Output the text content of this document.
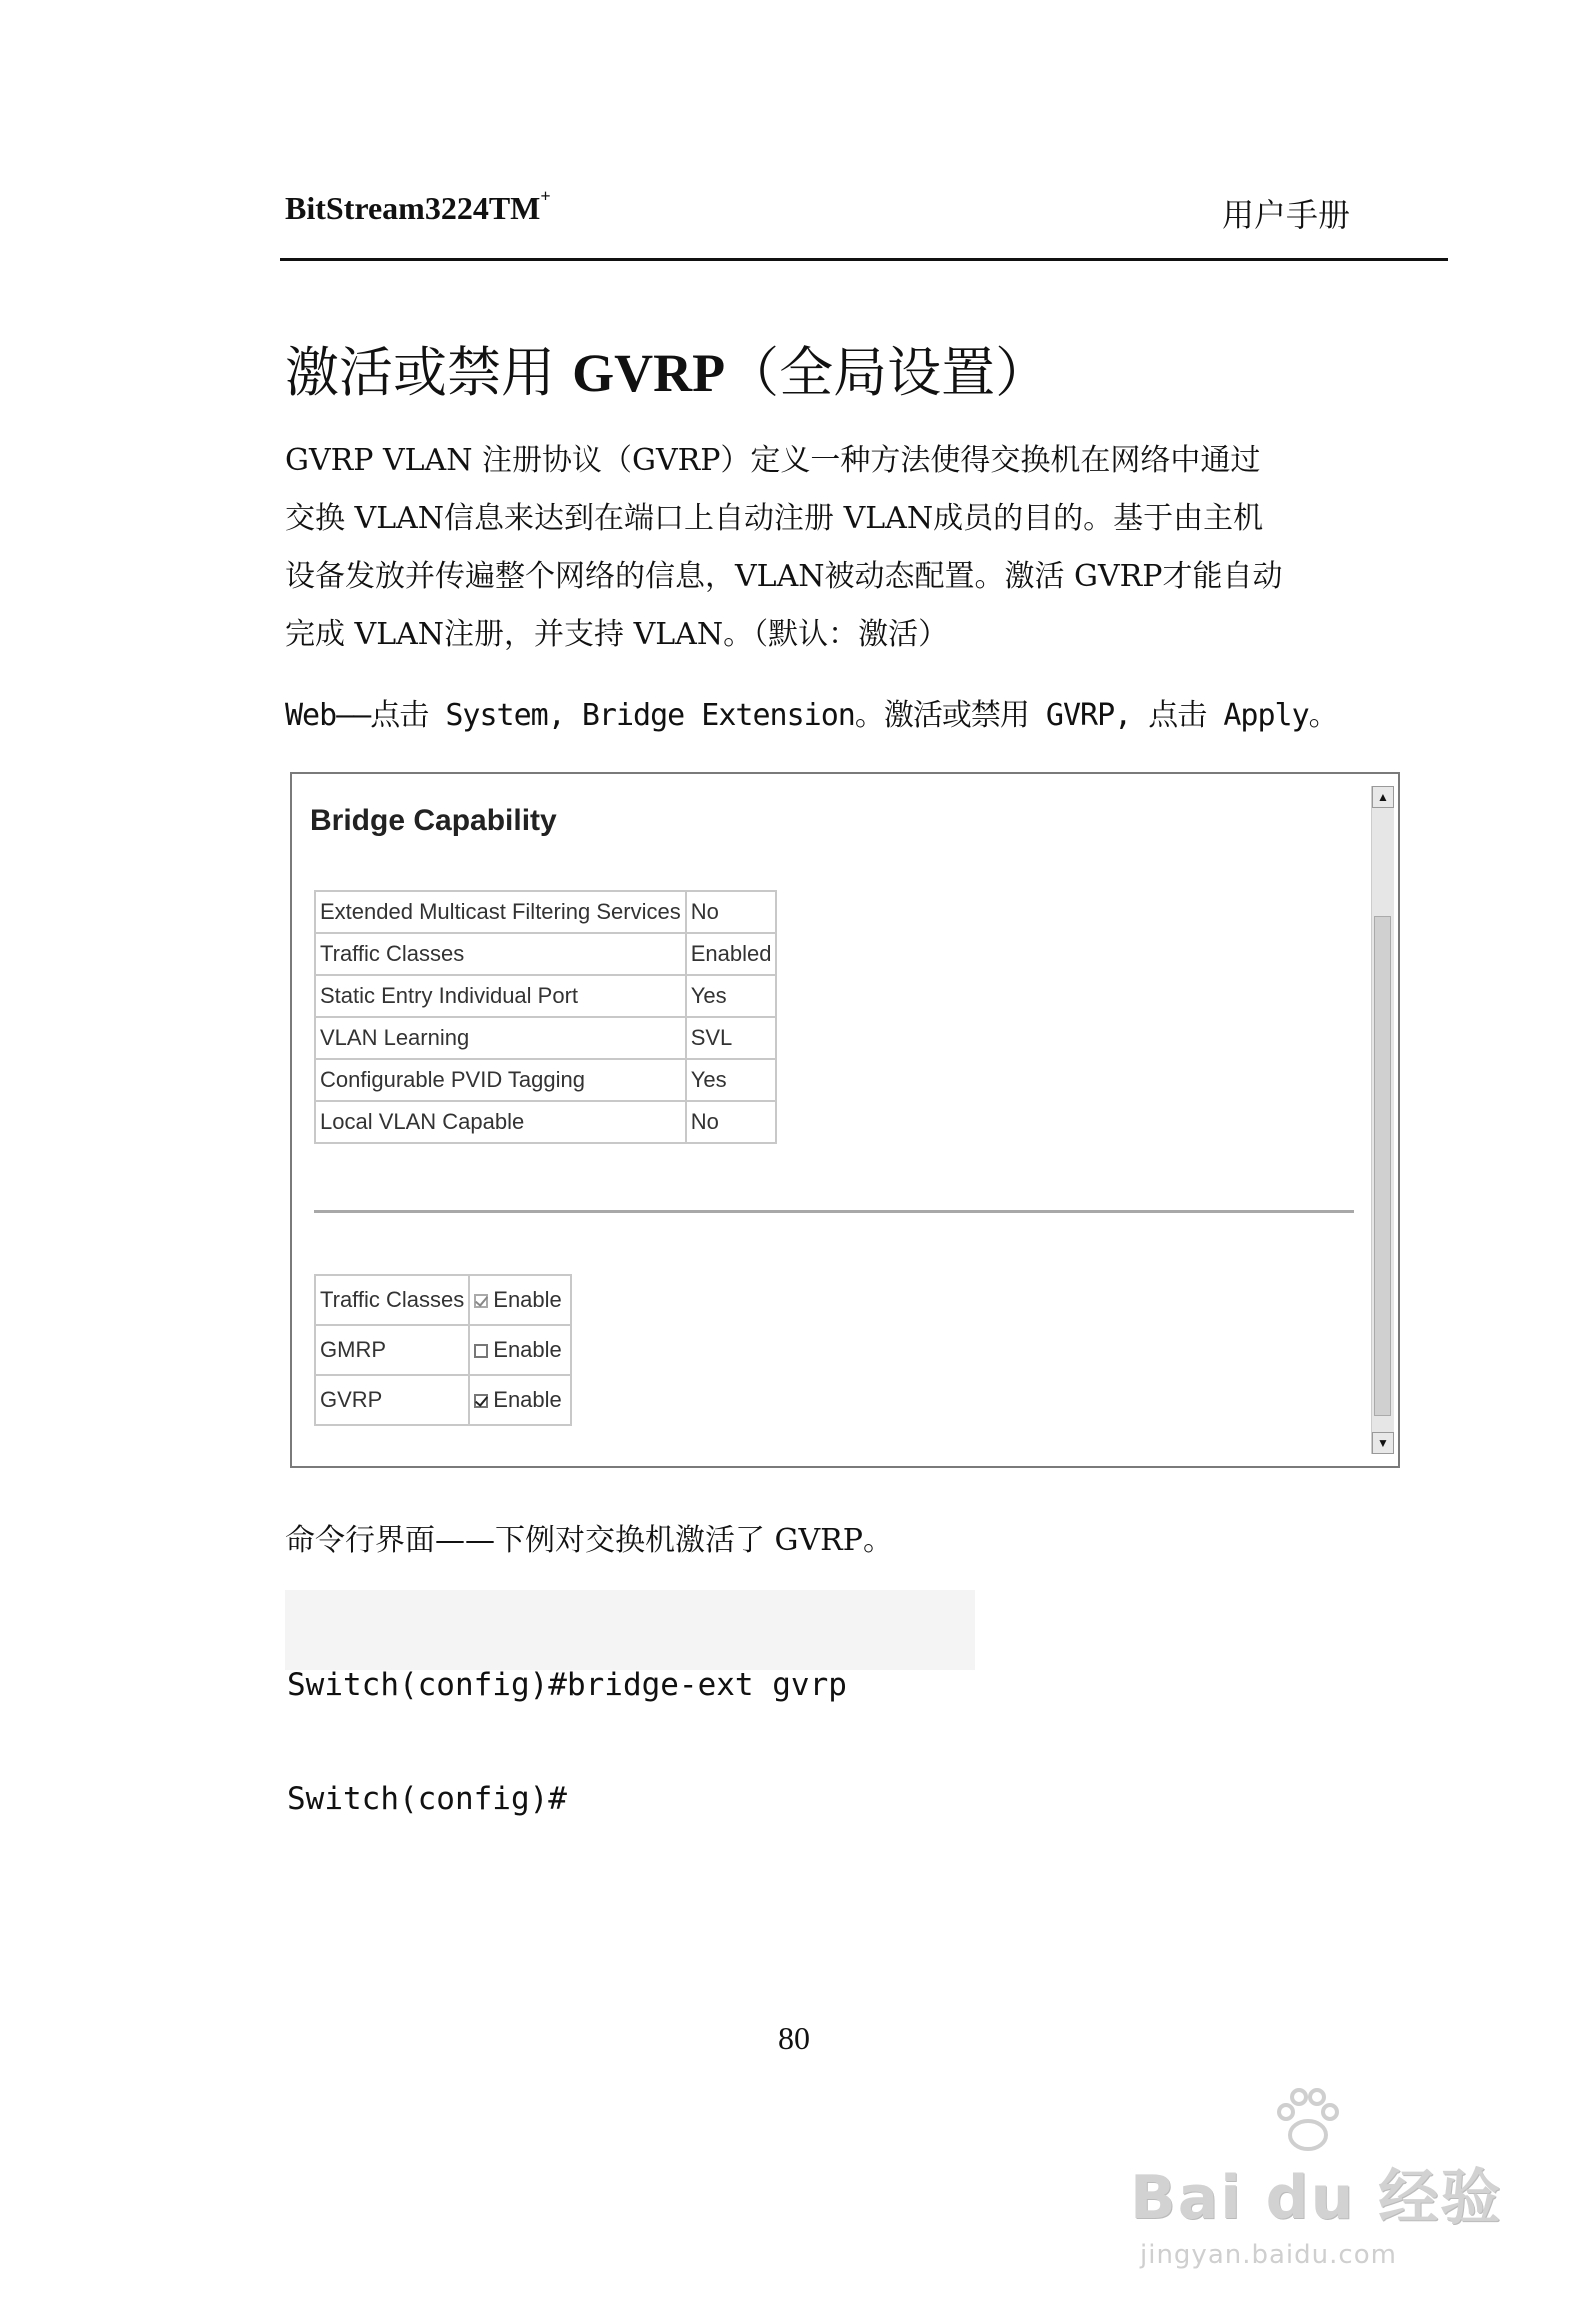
BitStream3224TM+	用户手册
激活或禁用 GVRP（全局设置）

GVRP VLAN 注册协议（GVRP）定义一种方法使得交换机在网络中通过

交换 VLAN信息来达到在端口上自动注册 VLAN成员的目的。基于由主机

设备发放并传遍整个网络的信息，VLAN被动态配置。激活 GVRP才能自动

完成 VLAN注册，并支持 VLAN。（默认：激活）

Web——点击 System, Bridge Extension。激活或禁用 GVRP, 点击 Apply。
Bridge Capability
Extended Multicast Filtering Services	No
Traffic Classes	Enabled
Static Entry Individual Port	Yes
VLAN Learning	SVL
Configurable PVID Tagging	Yes
Local VLAN Capable	No
Traffic Classes	Enable
GMRP	Enable
GVRP	Enable
▲
▼
命令行界面——下例对交换机激活了 GVRP。

Switch(config)#bridge-ext gvrp

Switch(config)#

80
Bai du 经验
jingyan.baidu.com
